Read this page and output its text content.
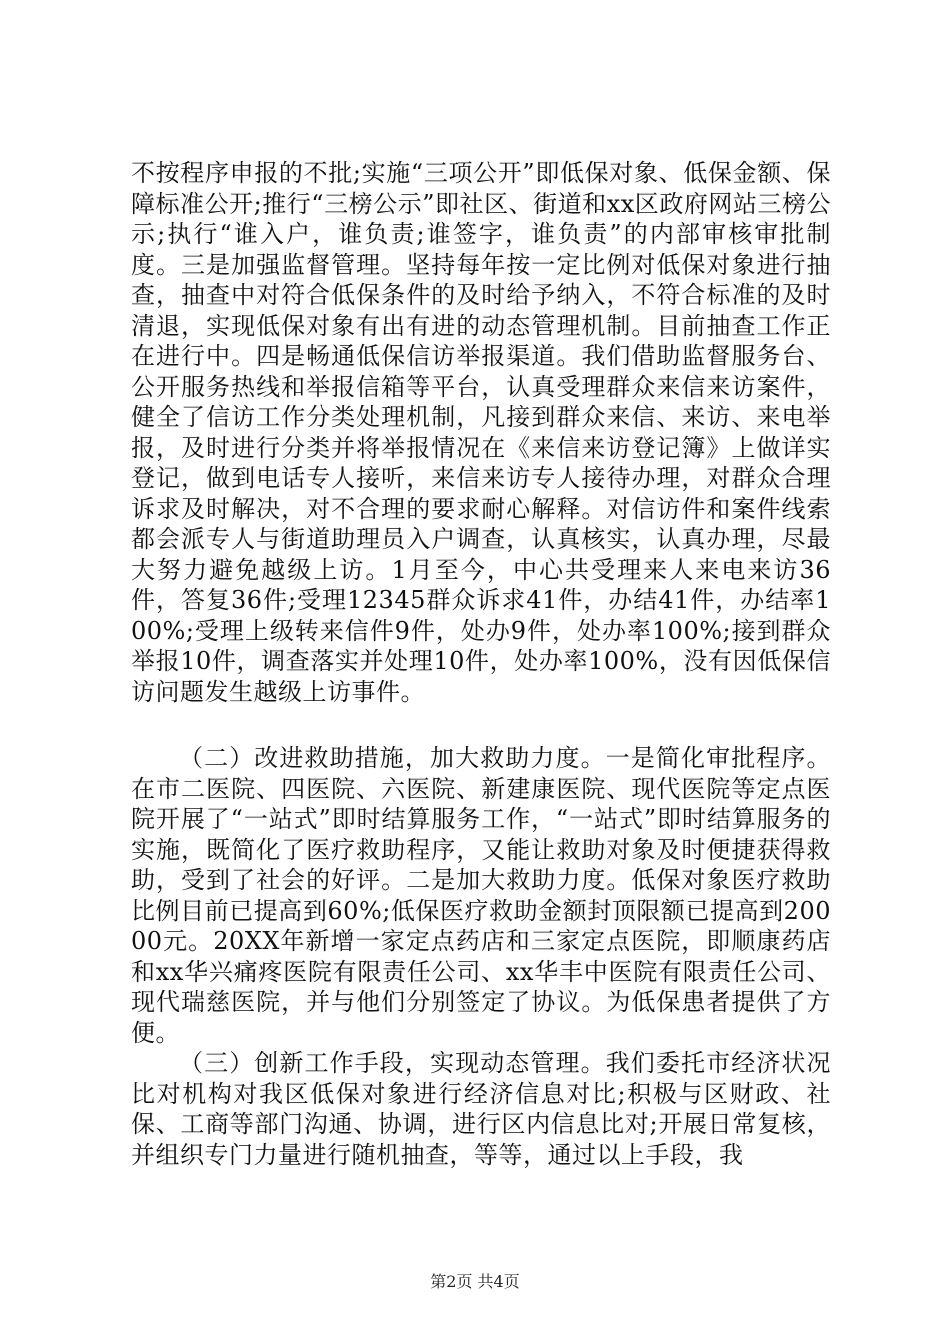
不按程序申报的不批;实施“三项公开”即低保对象、低保金额、保障标准公开;推行“三榜公示”即社区、街道和xx区政府网站三榜公示;执行“谁入户，谁负责;谁签字，谁负责”的内部审核审批制度。三是加强监督管理。坚持每年按一定比例对低保对象进行抽查，抽查中对符合低保条件的及时给予纳入，不符合标准的及时清退，实现低保对象有出有进的动态管理机制。目前抽查工作正在进行中。四是畅通低保信访举报渠道。我们借助监督服务台、公开服务热线和举报信箱等平台，认真受理群众来信来访案件，健全了信访工作分类处理机制，凡接到群众来信、来访、来电举报，及时进行分类并将举报情况在《来信来访登记簿》上做详实登记，做到电话专人接听，来信来访专人接待办理，对群众合理诉求及时解决，对不合理的要求耐心解释。对信访件和案件线索都会派专人与街道助理员入户调查，认真核实，认真办理，尽最大努力避免越级上访。1月至今，中心共受理来人来电来访36件，答复36件;受理12345群众诉求41件，办结41件，办结率100%;受理上级转来信件9件，处办9件，处办率100%;接到群众举报10件，调查落实并处理10件，处办率100%，没有因低保信访问题发生越级上访事件。

（二）改进救助措施，加大救助力度。一是简化审批程序。在市二医院、四医院、六医院、新建康医院、现代医院等定点医院开展了“一站式”即时结算服务工作，“一站式”即时结算服务的实施，既简化了医疗救助程序，又能让救助对象及时便捷获得救助，受到了社会的好评。二是加大救助力度。低保对象医疗救助比例目前已提高到60%;低保医疗救助金额封顶限额已提高到20000元。20XX年新增一家定点药店和三家定点医院，即顺康药店和xx华兴痛疼医院有限责任公司、xx华丰中医院有限责任公司、现代瑞慈医院，并与他们分别签定了协议。为低保患者提供了方便。

（三）创新工作手段，实现动态管理。我们委托市经济状况比对机构对我区低保对象进行经济信息对比;积极与区财政、社保、工商等部门沟通、协调，进行区内信息比对;开展日常复核，并组织专门力量进行随机抽查，等等，通过以上手段，我

第2页 共4页
